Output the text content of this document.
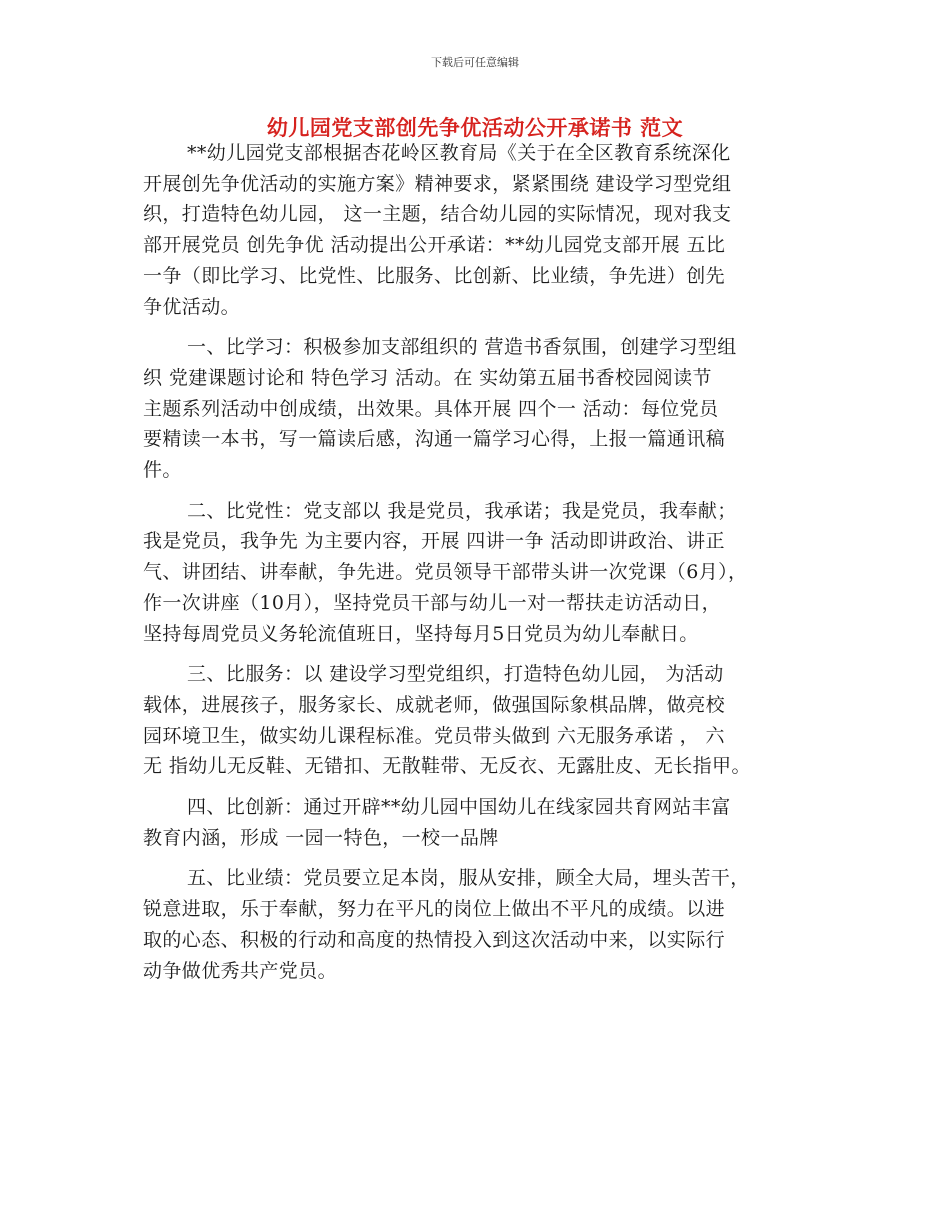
下载后可任意编辑
幼儿园党支部创先争优活动公开承诺书 范文
**幼儿园党支部根据杏花岭区教育局《关于在全区教育系统深化
开展创先争优活动的实施方案》精神要求，紧紧围绕 建设学习型党组
织，打造特色幼儿园， 这一主题，结合幼儿园的实际情况，现对我支
部开展党员 创先争优 活动提出公开承诺：**幼儿园党支部开展 五比
一争（即比学习、比党性、比服务、比创新、比业绩，争先进）创先
争优活动。
一、比学习：积极参加支部组织的 营造书香氛围，创建学习型组
织 党建课题讨论和 特色学习 活动。在 实幼第五届书香校园阅读节
主题系列活动中创成绩，出效果。具体开展 四个一 活动：每位党员
要精读一本书，写一篇读后感，沟通一篇学习心得，上报一篇通讯稿
件。
二、比党性：党支部以 我是党员，我承诺；我是党员，我奉献；
我是党员，我争先 为主要内容，开展 四讲一争 活动即讲政治、讲正
气、讲团结、讲奉献，争先进。党员领导干部带头讲一次党课（6月），
作一次讲座（10月），坚持党员干部与幼儿一对一帮扶走访活动日，
坚持每周党员义务轮流值班日，坚持每月5日党员为幼儿奉献日。
三、比服务：以 建设学习型党组织，打造特色幼儿园， 为活动
载体，进展孩子，服务家长、成就老师，做强国际象棋品牌，做亮校
园环境卫生，做实幼儿课程标准。党员带头做到 六无服务承诺 ， 六
无 指幼儿无反鞋、无错扣、无散鞋带、无反衣、无露肚皮、无长指甲。
四、比创新：通过开辟**幼儿园中国幼儿在线家园共育网站丰富
教育内涵，形成 一园一特色，一校一品牌
五、比业绩：党员要立足本岗，服从安排，顾全大局，埋头苦干，
锐意进取，乐于奉献，努力在平凡的岗位上做出不平凡的成绩。以进
取的心态、积极的行动和高度的热情投入到这次活动中来，以实际行
动争做优秀共产党员。
